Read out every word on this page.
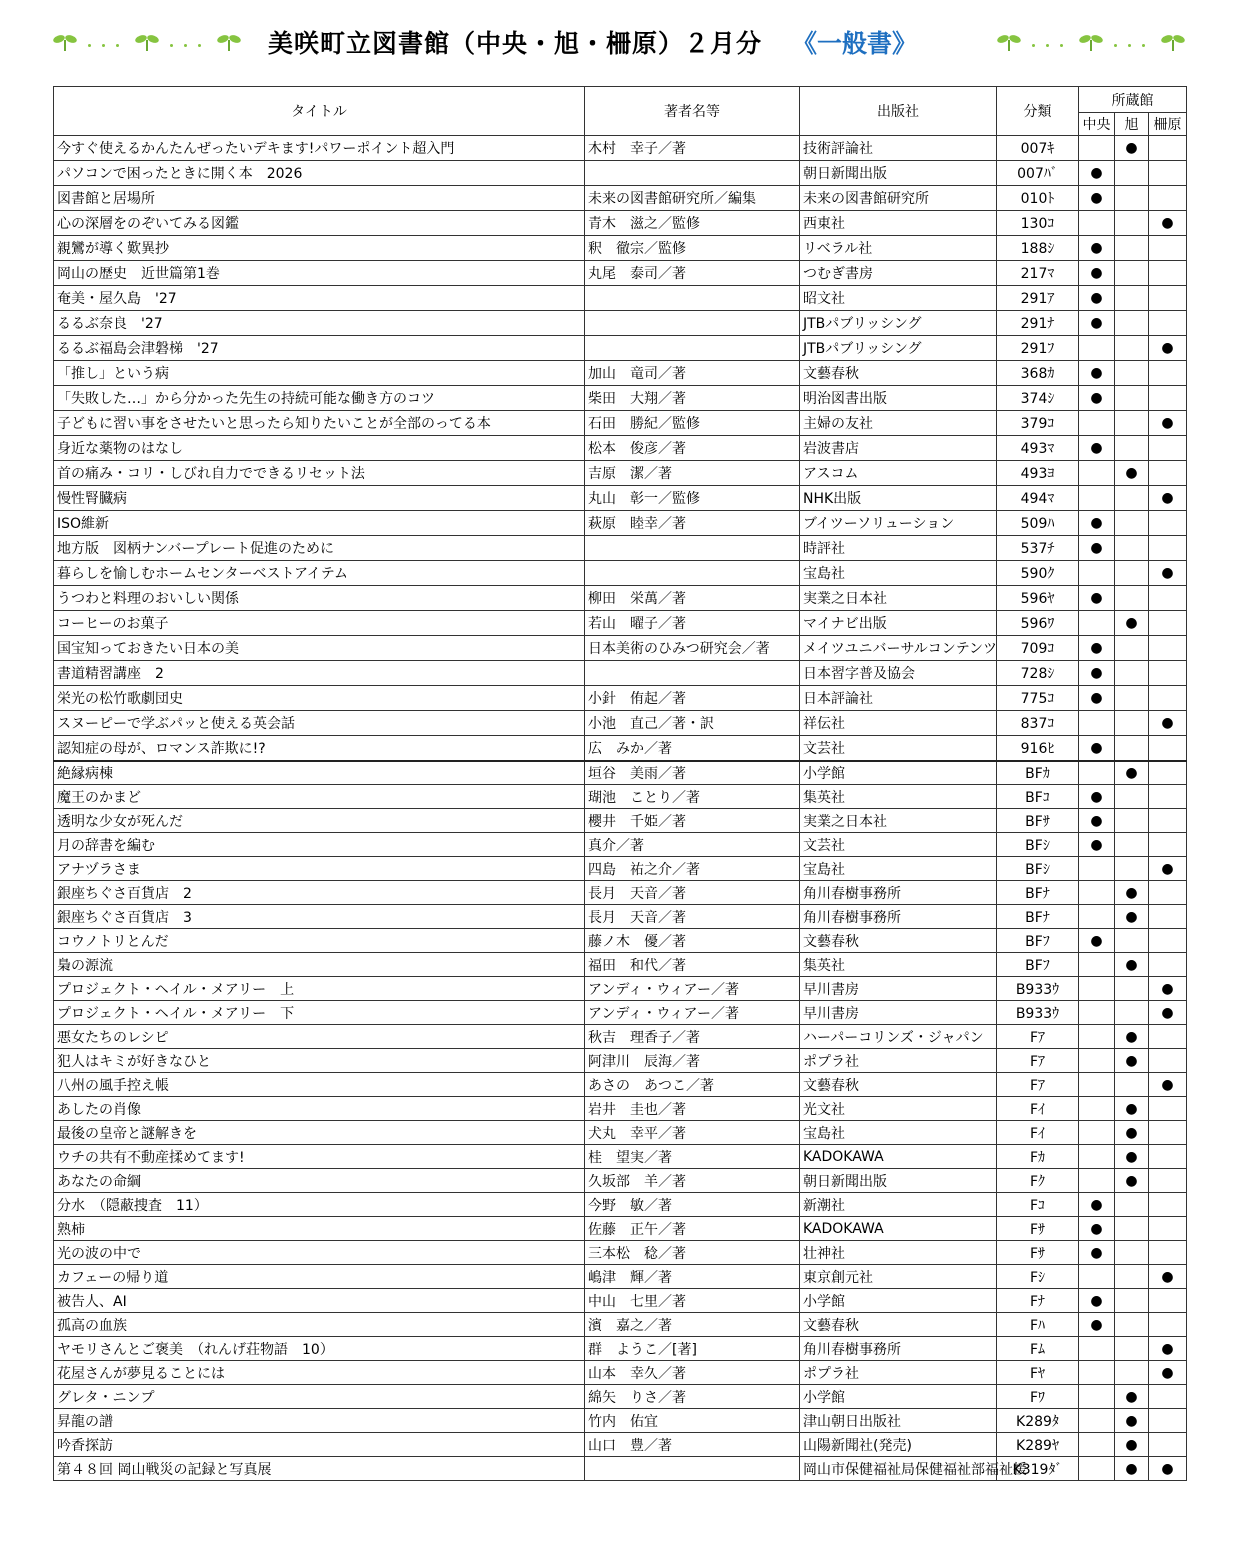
美咲町立図書館（中央・旭・柵原）２月分 《一般書》
タイトル	著者名等	出版社	分類	所蔵館		
				中央	旭	柵原
今すぐ使えるかんたんぜったいデキます!パワーポイント超入門	木村　幸子／著	技術評論社	007ｷ		●	
パソコンで困ったときに開く本　2026		朝日新聞出版	007ﾊﾞ	●		
図書館と居場所	未来の図書館研究所／編集	未来の図書館研究所	010ﾄ	●		
心の深層をのぞいてみる図鑑	青木　滋之／監修	西東社	130ｺ			●
親鸞が導く歎異抄	釈　徹宗／監修	リベラル社	188ｼ	●		
岡山の歴史　近世篇第1巻	丸尾　泰司／著	つむぎ書房	217ﾏ	●		
奄美・屋久島　'27		昭文社	291ｱ	●		
るるぶ奈良　'27		JTBパブリッシング	291ﾅ	●		
るるぶ福島会津磐梯　'27		JTBパブリッシング	291ﾌ			●
「推し」という病	加山　竜司／著	文藝春秋	368ｶ	●		
「失敗した…」から分かった先生の持続可能な働き方のコツ	柴田　大翔／著	明治図書出版	374ｼ	●		
子どもに習い事をさせたいと思ったら知りたいことが全部のってる本	石田　勝紀／監修	主婦の友社	379ｺ			●
身近な薬物のはなし	松本　俊彦／著	岩波書店	493ﾏ	●		
首の痛み・コリ・しびれ自力でできるリセット法	吉原　潔／著	アスコム	493ﾖ		●	
慢性腎臓病	丸山　彰一／監修	NHK出版	494ﾏ			●
ISO維新	萩原　睦幸／著	ブイツーソリューション	509ﾊ	●		
地方版　図柄ナンバープレート促進のために		時評社	537ﾁ	●		
暮らしを愉しむホームセンターベストアイテム		宝島社	590ｸ			●
うつわと料理のおいしい関係	柳田　栄萬／著	実業之日本社	596ﾔ	●		
コーヒーのお菓子	若山　曜子／著	マイナビ出版	596ﾜ		●	
国宝知っておきたい日本の美	日本美術のひみつ研究会／著	メイツユニバーサルコンテンツ	709ｺ	●		
書道精習講座　2		日本習字普及協会	728ｼ	●		
栄光の松竹歌劇団史	小針　侑起／著	日本評論社	775ｺ	●		
スヌーピーで学ぶパッと使える英会話	小池　直己／著・訳	祥伝社	837ｺ			●
認知症の母が、ロマンス詐欺に!?	広　みか／著	文芸社	916ﾋ	●		
絶縁病棟	垣谷　美雨／著	小学館	BFｶ		●	
魔王のかまど	瑚池　ことり／著	集英社	BFｺ	●		
透明な少女が死んだ	櫻井　千姫／著	実業之日本社	BFｻ	●		
月の辞書を編む	真介／著	文芸社	BFｼ	●		
アナヅラさま	四島　祐之介／著	宝島社	BFｼ			●
銀座ちぐさ百貨店　2	長月　天音／著	角川春樹事務所	BFﾅ		●	
銀座ちぐさ百貨店　3	長月　天音／著	角川春樹事務所	BFﾅ		●	
コウノトリとんだ	藤ノ木　優／著	文藝春秋	BFﾌ	●		
梟の源流	福田　和代／著	集英社	BFﾌ		●	
プロジェクト・ヘイル・メアリー　上	アンディ・ウィアー／著	早川書房	B933ｳ			●
プロジェクト・ヘイル・メアリー　下	アンディ・ウィアー／著	早川書房	B933ｳ			●
悪女たちのレシピ	秋吉　理香子／著	ハーパーコリンズ・ジャパン	Fｱ		●	
犯人はキミが好きなひと	阿津川　辰海／著	ポプラ社	Fｱ		●	
八州の風手控え帳	あさの　あつこ／著	文藝春秋	Fｱ			●
あしたの肖像	岩井　圭也／著	光文社	Fｲ		●	
最後の皇帝と謎解きを	犬丸　幸平／著	宝島社	Fｲ		●	
ウチの共有不動産揉めてます!	桂　望実／著	KADOKAWA	Fｶ		●	
あなたの命綱	久坂部　羊／著	朝日新聞出版	Fｸ		●	
分水　（隠蔽捜査　11）	今野　敏／著	新潮社	Fｺ	●		
熟柿	佐藤　正午／著	KADOKAWA	Fｻ	●		
光の波の中で	三本松　稔／著	壮神社	Fｻ	●		
カフェーの帰り道	嶋津　輝／著	東京創元社	Fｼ			●
被告人、AI	中山　七里／著	小学館	Fﾅ	●		
孤高の血族	濱　嘉之／著	文藝春秋	Fﾊ	●		
ヤモリさんとご褒美　（れんげ荘物語　10）	群　ようこ／[著]	角川春樹事務所	Fﾑ			●
花屋さんが夢見ることには	山本　幸久／著	ポプラ社	Fﾔ			●
グレタ・ニンプ	綿矢　りさ／著	小学館	Fﾜ		●	
昇龍の譜	竹内　佑宜	津山朝日出版社	K289ﾀ		●	
吟香探訪	山口　豊／著	山陽新聞社(発売)	K289ﾔ		●	
第４８回 岡山戦災の記録と写真展		岡山市保健福祉局保健福祉部福祉援	K319ﾀﾞ		●	●
